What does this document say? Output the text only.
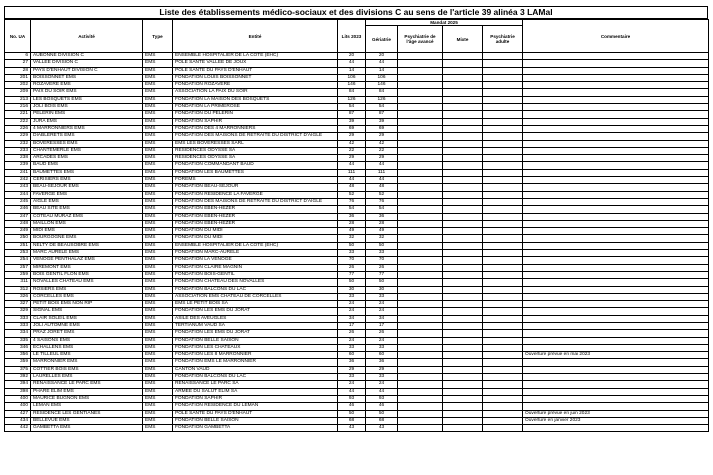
Liste des établissements médico-sociaux et des divisions C au sens de l'article 39 alinéa 3 LAMal
No. UA	Activité	Type	Entité	Lits 2023	Mandat 2025				Commentaire
					Gériatrie	Psychiatrie de l'âge avancé	Mixte	Psychiatrie adulte	
6	AUBONNE DIVISION C	EMS	ENSEMBLE HOSPITALIER DE LA COTE (EHC)	20	20				
27	VALLEE DIVISION C	EMS	POLE SANTE VALLEE DE JOUX	44	44				
28	PAYS D'ENHAUT DIVISION C	EMS	POLE SANTE DU PAYS D'ENHAUT	14	14				
201	BOISSONNET EMS	EMS	FONDATION LOUIS BOISSONNET	106	106				
202	ROZAVERE EMS	EMS	FONDATION ROZAVERE	146	146				
209	PAIX DU SOIR EMS	EMS	ASSOCIATION LA PAIX DU SOIR	84	84				
213	LES BOSQUETS EMS	EMS	FONDATION LA MAISON DES BOSQUETS	126	126				
216	JOLI BOIS EMS	EMS	FONDATION LA PRIMEROSE	54	54				
221	PELERIN EMS	EMS	FONDATION DU PELERIN	87	87				
222	JURA EMS	EMS	FONDATION SAPHIR	39	39				
226	4 MARRONNIERS EMS	EMS	FONDATION DES 4 MARRONNIERS	69	69				
229	DIABLERETS EMS	EMS	FONDATION DES MAISONS DE RETRAITE DU DISTRICT D'AIGLE	29	29				
232	BOVERESSES EMS	EMS	EMS LES BOVERESSES SARL	42	42				
233	CHANTEMERLE EMS	EMS	RESIDENCES ODYSSE SA	22	22				
238	ARCADES EMS	EMS	RESIDENCES ODYSSE SA	29	29				
239	BAUD EMS	EMS	FONDATION COMMANDANT BAUD	44	44				
241	BAUMETTES EMS	EMS	FONDATION LES BAUMETTES	111	111				
242	CERISIERS EMS	EMS	FOREMS	44	44				
243	BEAU-SEJOUR EMS	EMS	FONDATION BEAU-SEJOUR	48	48				
244	FAVERGE EMS	EMS	FONDATION RESIDENCE LA FAVERGE	52	52				
245	AIGLE EMS	EMS	FONDATION DES MAISONS DE RETRAITE DU DISTRICT D'AIGLE	76	76				
246	BEAU SITE EMS	EMS	FONDATION EBEN-HEZER	54	54				
247	COTEAU MURAZ EMS	EMS	FONDATION EBEN-HEZER	36	36				
248	MAILLON EMS	EMS	FONDATION EBEN-HEZER	28	28				
249	MIDI EMS	EMS	FONDATION DU MIDI	49	49				
250	BOURGOGNE EMS	EMS	FONDATION DU MIDI	32	32				
251	NELTY DE BEAUSOBRE EMS	EMS	ENSEMBLE HOSPITALIER DE LA COTE (EHC)	50	50				
253	MARC AURELE EMS	EMS	FONDATION MARC-AURELE	33	33				
254	VENOGE PENTHALAZ EMS	EMS	FONDATION LA VENOGE	70	70				
257	MIREMONT EMS	EMS	FONDATION CLAIRE MAGNIN	26	26				
259	BOIS GENTIL FLON EMS	EMS	FONDATION BOIS-GENTIL	77	77				
311	NOVALLES CHATEAU EMS	EMS	FONDATION CHATEAU DES NOVALLES	50	50				
312	ROSIERS EMS	EMS	FONDATION BALCONS DU LAC	30	30				
326	CORCELLES EMS	EMS	ASSOCIATION EMS CHATEAU DE CORCELLES	33	33				
327	PETIT BOIS EMS NON RIP	EMS	EMS LE PETIT BOIS SA	24	24				
329	SIGNAL EMS	EMS	FONDATION LES EMS DU JORAT	24	24				
333	CLAIR SOLEIL EMS	EMS	ASILE DES AVEUGLES	34	34				
333	JOLI AUTOMNE EMS	EMS	TERTIANUM VAUD SA	17	17				
334	PRAZ JORET EMS	EMS	FONDATION LES EMS DU JORAT	26	26				
335	4 SAISONS EMS	EMS	FONDATION BELLE SAISON	24	24				
346	ECHALLENS EMS	EMS	FONDATION LES CHATEAUX	33	33				
356	LE TILLEUL EMS	EMS	FONDATION LES 8 MARRONNIER	60	60				Ouverture prévue en mai 2023
359	MARRONNIER EMS	EMS	FONDATION EMS LE MARRONNIER	36	36				
375	COTTIER BOIS EMS	EMS	CANTON VAUD	29	29				
392	LAURELLES EMS	EMS	FONDATION BALCONS DU LAC	33	33				
394	RENAISSANCE LE PARC EMS	EMS	RENAISSANCE LE PARC SA	24	24				
398	PHARE ELIM EMS	EMS	ARMEE DU SALUT ELIM SA	44	44				
400	MAURICE BUGNON EMS	EMS	FONDATION SAPHIR	93	93				
400	LEMAN EMS	EMS	FONDATION RESIDENCE DU LEMAN	46	46				
427	RESIDENCE LES GENTIANES	EMS	POLE SANTE DU PAYS D'ENHAUT	50	50				Ouverture prévue en juin 2023
434	BELLEVUE EMS	EMS	FONDATION BELLE SAISON	68	68				Ouverture en janvier 2023
442	GAMBETTA EMS	EMS	FONDATION GAMBETTA	43	43				
